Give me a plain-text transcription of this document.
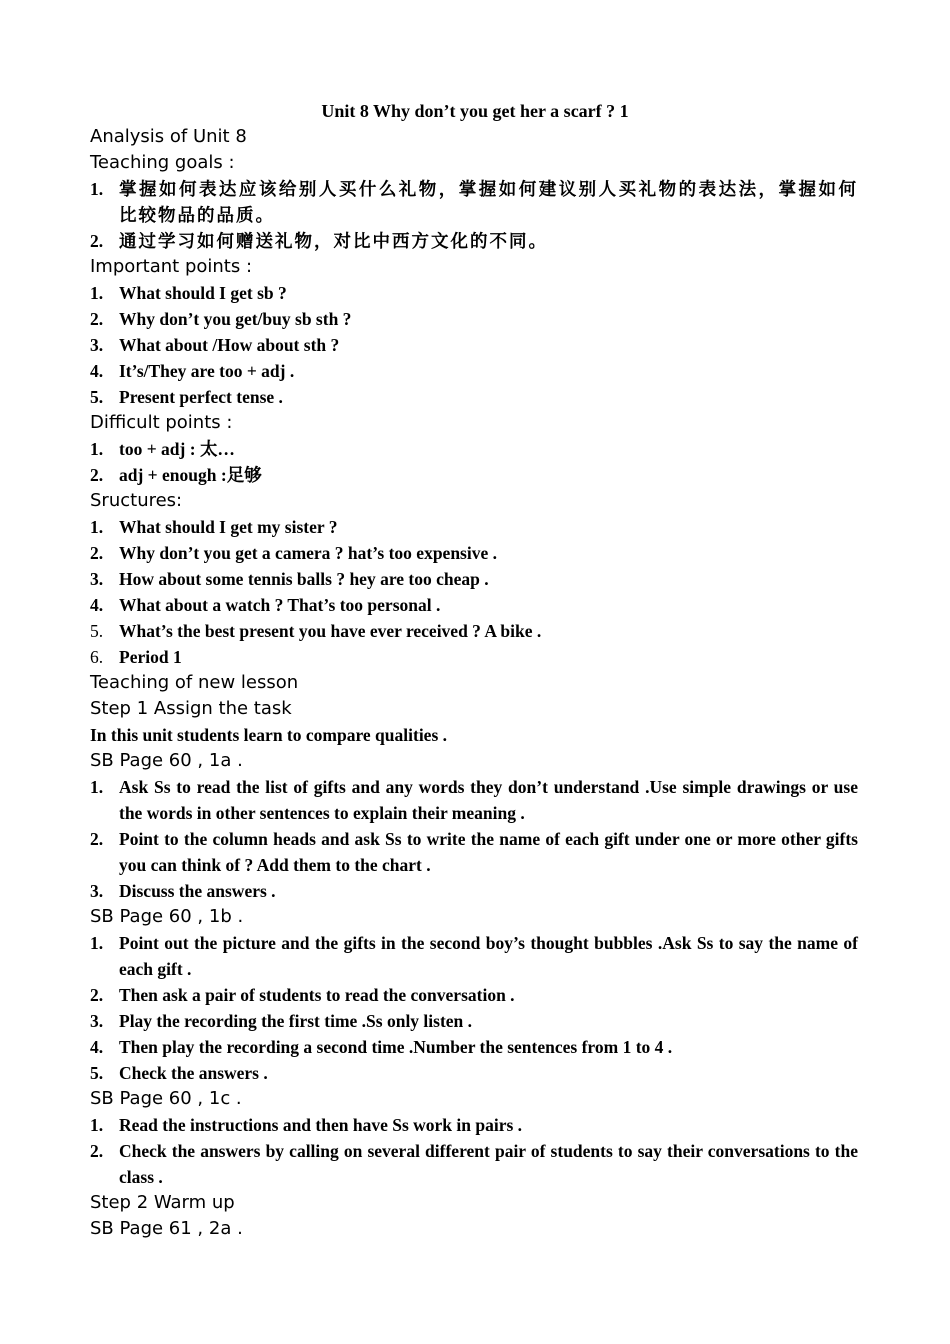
Unit 8 Why don’t you get her a scarf ? 1
Analysis of Unit 8
Teaching goals :
1. 掌握如何表达应该给别人买什么礼物，掌握如何建议别人买礼物的表达法，掌握如何比较物品的品质。
2. 通过学习如何赠送礼物，对比中西方文化的不同。
Important points :
1. What should I get sb ?
2. Why don’t you get/buy sb sth ?
3. What about /How about sth ?
4. It’s/They are too + adj .
5. Present perfect tense .
Difficult points :
1. too + adj : 太…
2. adj + enough :足够
Sructures:
1. What should I get my sister ?
2. Why don’t you get a camera ? hat’s too expensive .
3. How about some tennis balls ? hey are too cheap .
4. What about a watch ? That’s too personal .
5. What’s the best present you have ever received ? A bike .
6. Period 1
Teaching of new lesson
Step 1 Assign the task
In this unit students learn to compare qualities .
SB Page 60 , 1a .
1. Ask Ss to read the list of gifts and any words they don’t understand .Use simple drawings or use the words in other sentences to explain their meaning .
2. Point to the column heads and ask Ss to write the name of each gift under one or more other gifts you can think of ? Add them to the chart .
3. Discuss the answers .
SB Page 60 , 1b .
1. Point out the picture and the gifts in the second boy’s thought bubbles .Ask Ss to say the name of each gift .
2. Then ask a pair of students to read the conversation .
3. Play the recording the first time .Ss only listen .
4. Then play the recording a second time .Number the sentences from 1 to 4 .
5. Check the answers .
SB Page 60 , 1c .
1. Read the instructions and then have Ss work in pairs .
2. Check the answers by calling on several different pair of students to say their conversations to the class .
Step 2 Warm up
SB Page 61 , 2a .
